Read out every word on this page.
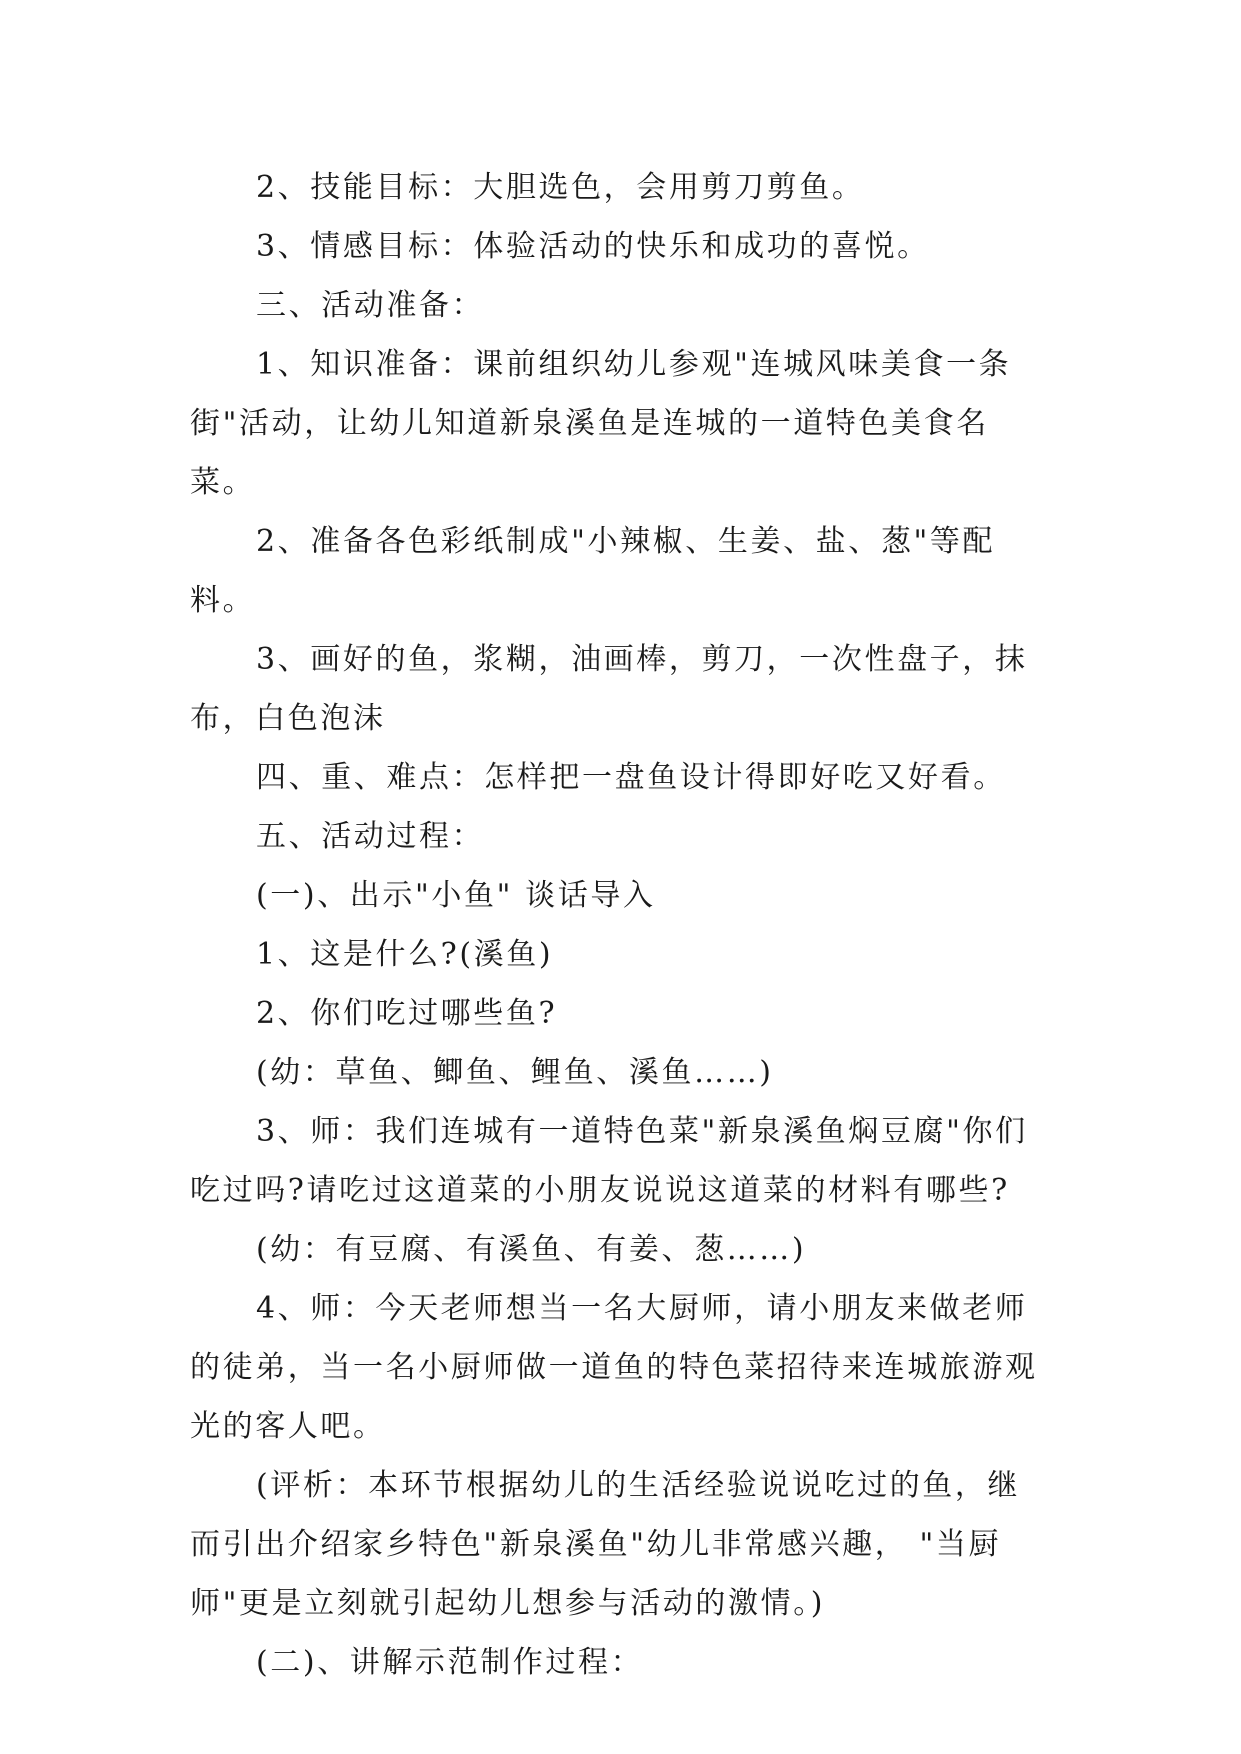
2、技能目标：大胆选色，会用剪刀剪鱼。

3、情感目标：体验活动的快乐和成功的喜悦。

三、活动准备：

1、知识准备：课前组织幼儿参观"连城风味美食一条街"活动，让幼儿知道新泉溪鱼是连城的一道特色美食名菜。

2、准备各色彩纸制成"小辣椒、生姜、盐、葱"等配料。

3、画好的鱼，浆糊，油画棒，剪刀，一次性盘子，抹布，白色泡沫

四、重、难点：怎样把一盘鱼设计得即好吃又好看。

五、活动过程：

(一)、出示"小鱼" 谈话导入

1、这是什么?(溪鱼)

2、你们吃过哪些鱼?

(幼：草鱼、鲫鱼、鲤鱼、溪鱼……)

3、师：我们连城有一道特色菜"新泉溪鱼焖豆腐"你们吃过吗?请吃过这道菜的小朋友说说这道菜的材料有哪些?

(幼：有豆腐、有溪鱼、有姜、葱……)

4、师：今天老师想当一名大厨师，请小朋友来做老师的徒弟，当一名小厨师做一道鱼的特色菜招待来连城旅游观光的客人吧。

(评析：本环节根据幼儿的生活经验说说吃过的鱼，继而引出介绍家乡特色"新泉溪鱼"幼儿非常感兴趣， "当厨师"更是立刻就引起幼儿想参与活动的激情。)

(二)、讲解示范制作过程：
